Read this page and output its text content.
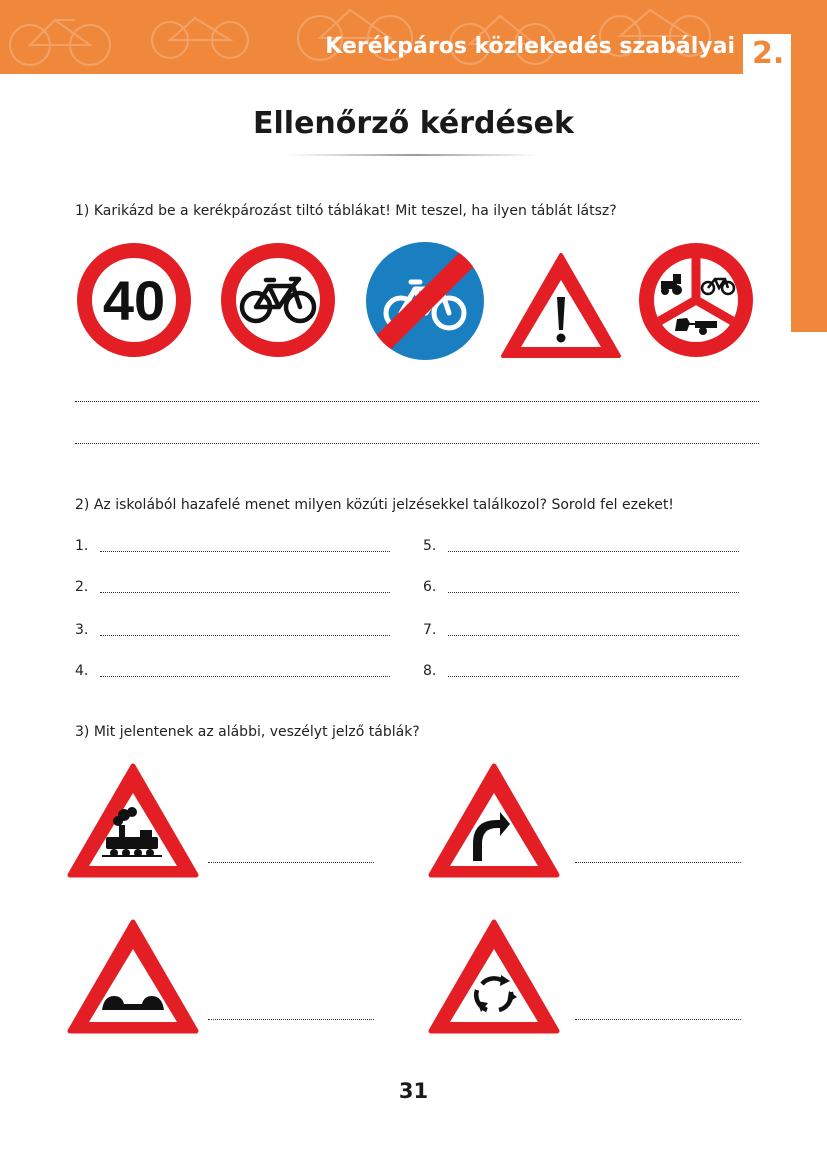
Kerékpáros közlekedés szabályai 2.
Ellenőrző kérdések
1) Karikázd be a kerékpározást tiltó táblákat! Mit teszel, ha ilyen táblát látsz?
40
2) Az iskolából hazafelé menet milyen közúti jelzésekkel találkozol? Sorold fel ezeket!
1.
2.
3.
4.
5.
6.
7.
8.
3) Mit jelentenek az alábbi, veszélyt jelző táblák?
31
